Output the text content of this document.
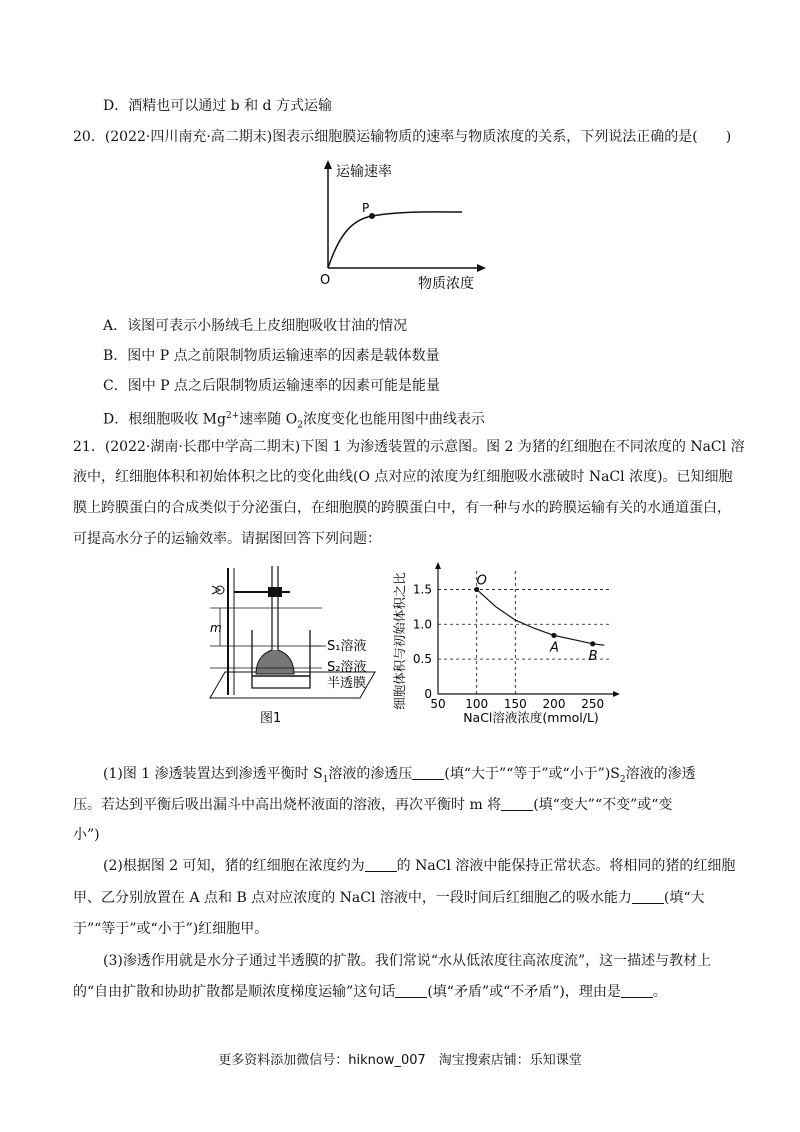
D．酒精也可以通过 b 和 d 方式运输
20．(2022·四川南充·高二期末)图表示细胞膜运输物质的速率与物质浓度的关系，下列说法正确的是(　　)
P
运输速率
O	物质浓度
A．该图可表示小肠绒毛上皮细胞吸收甘油的情况
B．图中 P 点之前限制物质运输速率的因素是载体数量
C．图中 P 点之后限制物质运输速率的因素可能是能量
D．根细胞吸收 $Mg^{2+}$速率随 $O_2$浓度变化也能用图中曲线表示
21．(2022·湖南·长郡中学高二期末)下图 1 为渗透装置的示意图。图 2 为猪的红细胞在不同浓度的 NaCl 溶
液中，红细胞体积和初始体积之比的变化曲线(O 点对应的浓度为红细胞吸水涨破时 NaCl 浓度)。已知细胞
膜上跨膜蛋白的合成类似于分泌蛋白，在细胞膜的跨膜蛋白中，有一种与水的跨膜运输有关的水通道蛋白，
可提高水分子的运输效率。请据图回答下列问题：
m
S₁溶液
S₂溶液
半透膜
图1
0
0.5
1.0
1.5
50 100 150 200 250
O
A
B
NaCl溶液浓度(mmol/L)
细胞体积与初始体积之比
(1)图 1 渗透装置达到渗透平衡时 $S_1$溶液的渗透压 (填“大于”“等于”或“小于$”)S_2$溶液的渗透
压。若达到平衡后吸出漏斗中高出烧杯液面的溶液，再次平衡时 m 将 (填“变大”“不变”或“变
小”)
(2)根据图 2 可知，猪的红细胞在浓度约为 的 NaCl 溶液中能保持正常状态。将相同的猪的红细胞
甲、乙分别放置在 A 点和 B 点对应浓度的 NaCl 溶液中，一段时间后红细胞乙的吸水能力 (填“大
于”“等于”或“小于”)红细胞甲。
(3)渗透作用就是水分子通过半透膜的扩散。我们常说“水从低浓度往高浓度流”，这一描述与教材上
的“自由扩散和协助扩散都是顺浓度梯度运输”这句话 (填“矛盾”或“不矛盾”)，理由是 。
更多资料添加微信号：hiknow_007　淘宝搜索店铺：乐知课堂
